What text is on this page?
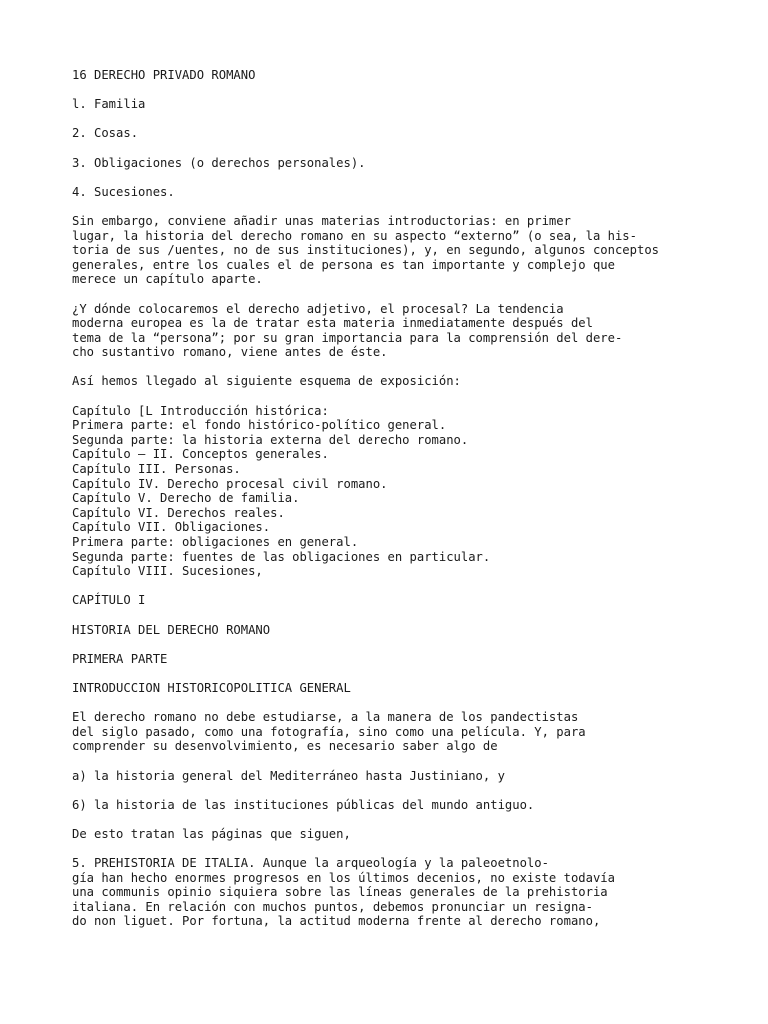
16 DERECHO PRIVADO ROMANO
l. Familia
2. Cosas.
3. Obligaciones (o derechos personales).
4. Sucesiones.
Sin embargo, conviene añadir unas materias introductorias: en primer
lugar, la historia del derecho romano en su aspecto “externo” (o sea, la his-
toria de sus /uentes, no de sus instituciones), y, en segundo, algunos conceptos
generales, entre los cuales el de persona es tan importante y complejo que
merece un capítulo aparte.
¿Y dónde colocaremos el derecho adjetivo, el procesal? La tendencia
moderna europea es la de tratar esta materia inmediatamente después del
tema de la “persona”; por su gran importancia para la comprensión del dere-
cho sustantivo romano, viene antes de éste.
Así hemos llegado al siguiente esquema de exposición:
Capítulo [L Introducción histórica:
Primera parte: el fondo histórico-político general.
Segunda parte: la historia externa del derecho romano.
Capítulo — II. Conceptos generales.
Capítulo III. Personas.
Capítulo IV. Derecho procesal civil romano.
Capítulo V. Derecho de familia.
Capítulo VI. Derechos reales.
Capítulo VII. Obligaciones.
Primera parte: obligaciones en general.
Segunda parte: fuentes de las obligaciones en particular.
Capítulo VIII. Sucesiones,
CAPÍTULO I
HISTORIA DEL DERECHO ROMANO
PRIMERA PARTE
INTRODUCCION HISTORICOPOLITICA GENERAL
El derecho romano no debe estudiarse, a la manera de los pandectistas
del siglo pasado, como una fotografía, sino como una película. Y, para
comprender su desenvolvimiento, es necesario saber algo de
a) la historia general del Mediterráneo hasta Justiniano, y
6) la historia de las instituciones públicas del mundo antiguo.
De esto tratan las páginas que siguen,
5. PREHISTORIA DE ITALIA. Aunque la arqueología y la paleoetnolo-
gía han hecho enormes progresos en los últimos decenios, no existe todavía
una communis opinio siquiera sobre las líneas generales de la prehistoria
italiana. En relación con muchos puntos, debemos pronunciar un resigna-
do non liguet. Por fortuna, la actitud moderna frente al derecho romano,
